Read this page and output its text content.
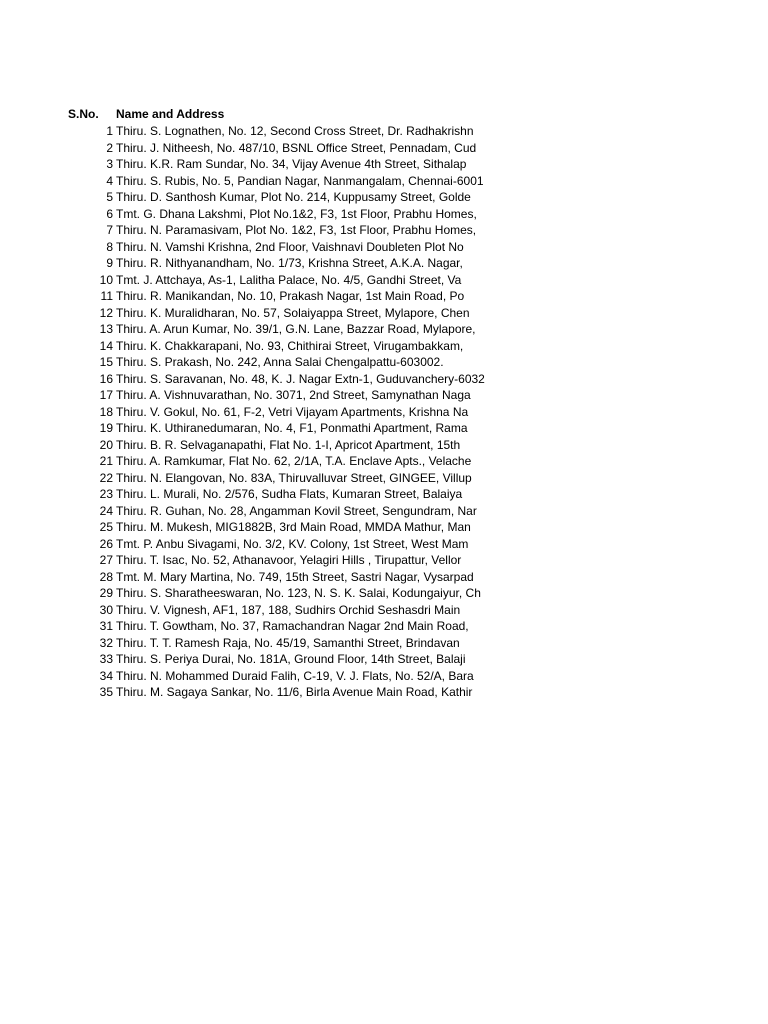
S.No. Name and Address
1 Thiru. S. Lognathen, No. 12, Second Cross Street, Dr. Radhakrishn
2 Thiru. J. Nitheesh, No. 487/10, BSNL Office Street, Pennadam, Cud
3 Thiru. K.R. Ram Sundar, No. 34, Vijay Avenue 4th Street, Sithalap
4 Thiru. S. Rubis, No. 5, Pandian Nagar, Nanmangalam, Chennai-6001
5 Thiru. D. Santhosh Kumar, Plot No. 214, Kuppusamy Street, Golde
6 Tmt. G. Dhana Lakshmi, Plot No.1&2, F3, 1st Floor, Prabhu Homes,
7 Thiru. N. Paramasivam, Plot No. 1&2, F3, 1st Floor, Prabhu Homes,
8 Thiru. N. Vamshi Krishna, 2nd Floor, Vaishnavi Doubleten Plot No
9 Thiru. R. Nithyanandham, No. 1/73, Krishna Street, A.K.A. Nagar,
10 Tmt. J. Attchaya, As-1, Lalitha Palace, No. 4/5, Gandhi Street, Va
11 Thiru. R. Manikandan, No. 10, Prakash Nagar, 1st Main Road, Po
12 Thiru. K. Muralidharan, No. 57, Solaiyappa Street, Mylapore, Chen
13 Thiru. A. Arun Kumar, No. 39/1, G.N. Lane, Bazzar Road, Mylapore,
14 Thiru. K. Chakkarapani, No. 93, Chithirai Street, Virugambakkam,
15 Thiru. S. Prakash, No. 242, Anna Salai Chengalpattu-603002.
16 Thiru. S. Saravanan, No. 48, K. J. Nagar Extn-1, Guduvanchery-6032
17 Thiru. A. Vishnuvarathan, No. 3071, 2nd Street, Samynathan Naga
18 Thiru. V. Gokul, No. 61, F-2, Vetri Vijayam Apartments, Krishna Na
19 Thiru. K. Uthiranedumaran, No. 4, F1, Ponmathi Apartment, Rama
20 Thiru. B. R. Selvaganapathi, Flat No. 1-I, Apricot Apartment, 15th
21 Thiru. A. Ramkumar, Flat No. 62, 2/1A, T.A. Enclave Apts., Velache
22 Thiru. N. Elangovan, No. 83A, Thiruvalluvar Street, GINGEE, Villup
23 Thiru. L. Murali, No. 2/576, Sudha Flats, Kumaran Street, Balaiya
24 Thiru. R. Guhan, No. 28, Angamman Kovil Street, Sengundram, Nar
25 Thiru. M. Mukesh, MIG1882B, 3rd Main Road, MMDA Mathur, Man
26 Tmt. P. Anbu Sivagami, No. 3/2, KV. Colony, 1st Street, West Mam
27 Thiru. T. Isac, No. 52, Athanavoor, Yelagiri Hills , Tirupattur, Vellor
28 Tmt. M. Mary Martina, No. 749, 15th Street, Sastri Nagar, Vysarpad
29 Thiru. S. Sharatheeswaran, No. 123, N. S. K. Salai, Kodungaiyur, Ch
30 Thiru. V. Vignesh, AF1, 187, 188, Sudhirs Orchid Seshasdri Main
31 Thiru. T. Gowtham, No. 37, Ramachandran Nagar 2nd Main Road,
32 Thiru. T. T. Ramesh Raja, No. 45/19, Samanthi Street, Brindavan
33 Thiru. S. Periya Durai, No. 181A, Ground Floor, 14th Street, Balaji
34 Thiru. N. Mohammed Duraid Falih, C-19, V. J. Flats, No. 52/A, Bara
35 Thiru. M. Sagaya Sankar, No. 11/6, Birla Avenue Main Road, Kathir
